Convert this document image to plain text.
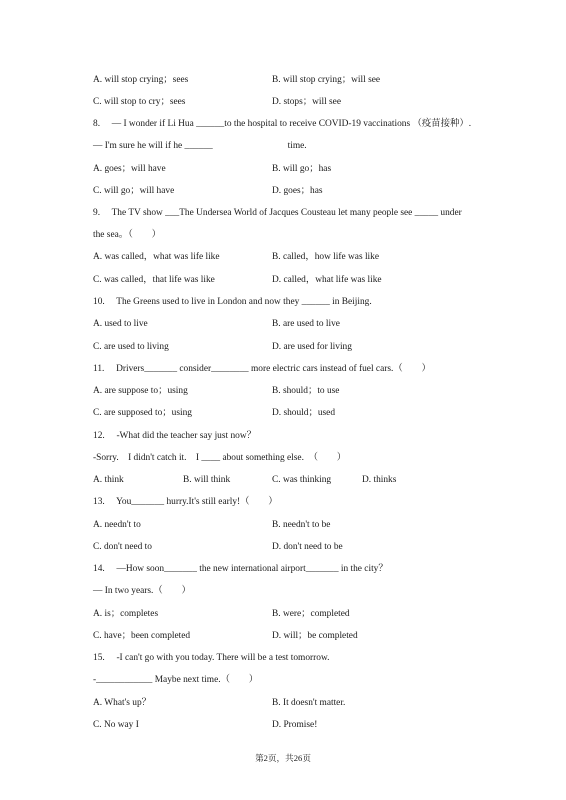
A. will stop crying；sees	B. will stop crying；will see
C. will stop to cry；sees	D. stops；will see
8.　 — I wonder if Li Hua ______to the hospital to receive COVID-19 vaccinations （疫苗接种）.
— I'm sure he will if he ______　　　　　　　　time.
A. goes；will have	B. will go；has
C. will go；will have	D. goes；has
9.　 The TV show ___The Undersea World of Jacques Cousteau let many people see _____ under
the sea。（　　）
A. was called，what was life like	B. called，how life was like
C. was called，that life was like	D. called，what life was like
10.　 The Greens used to live in London and now they ______ in Beijing.
A. used to live	B. are used to live
C. are used to living	D. are used for living
11.　 Drivers_______ consider________ more electric cars instead of fuel cars.（　　）
A. are suppose to；using	B. should；to use
C. are supposed to；using	D. should；used
12.　 -What did the teacher say just now？
-Sorry.　I didn't catch it.　I ____ about something else.　（　　）
A. think	B. will think	C. was thinking	D. thinks
13.　 You_______ hurry.It's still early!（　　）
A. needn't to	B. needn't to be
C. don't need to	D. don't need to be
14.　 —How soon_______ the new international airport_______ in the city？
— In two years.（　　）
A. is；completes	B. were；completed
C. have；been completed	D. will；be completed
15.　 -I can't go with you today. There will be a test tomorrow.
-____________ Maybe next time.（　　）
A. What's up？	B. It doesn't matter.
C. No way I	D. Promise!
第2页，共26页
